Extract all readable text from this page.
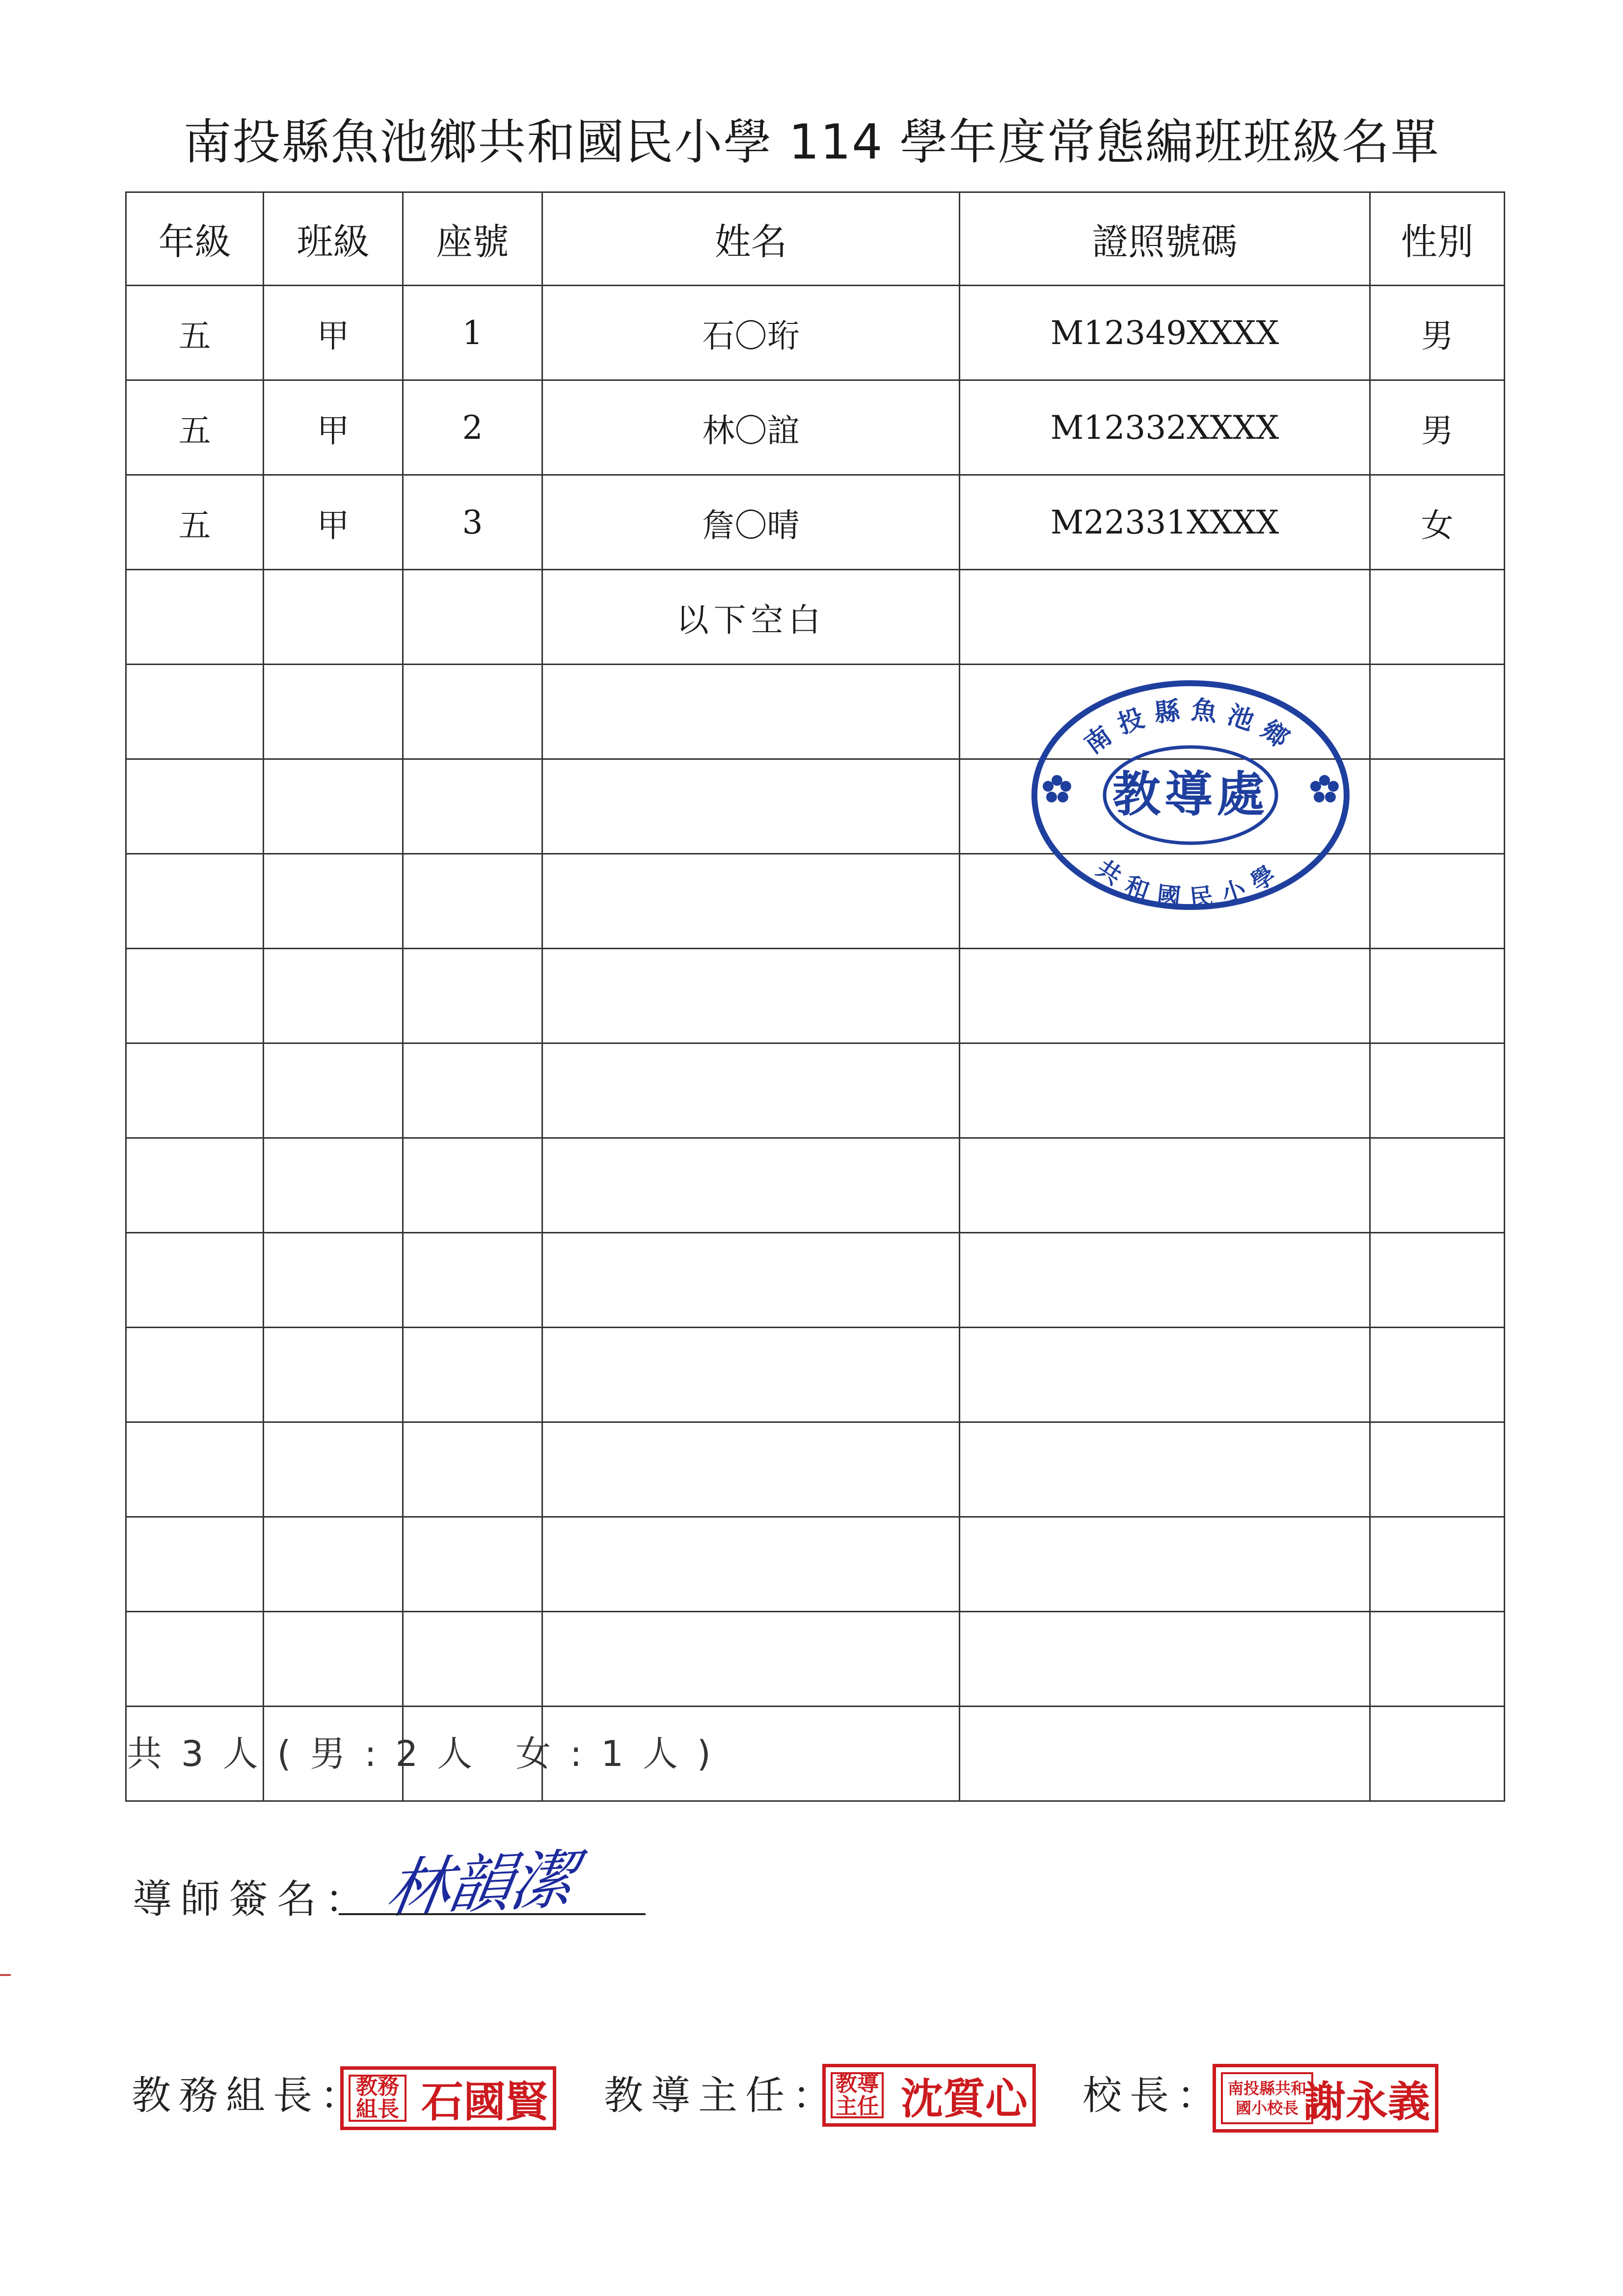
南投縣魚池鄉共和國民小學 114 學年度常態編班班級名單
年級	班級	座號	姓名	證照號碼	性別
五	甲	1	石〇珩	M12349XXXX	男
五	甲	2	林〇誼	M12332XXXX	男
五	甲	3	詹〇晴	M22331XXXX	女
			以下空白		

南投縣魚池鄉
教導處
共和國民小學
共 3 人 ( 男 : 2 人　女 : 1 人 )
導師簽名： 林韻潔
教務組長：
教務組長 石國賢 教導主任：
教導主任 沈質心 校長： 南投縣共和國小校長 謝永義
